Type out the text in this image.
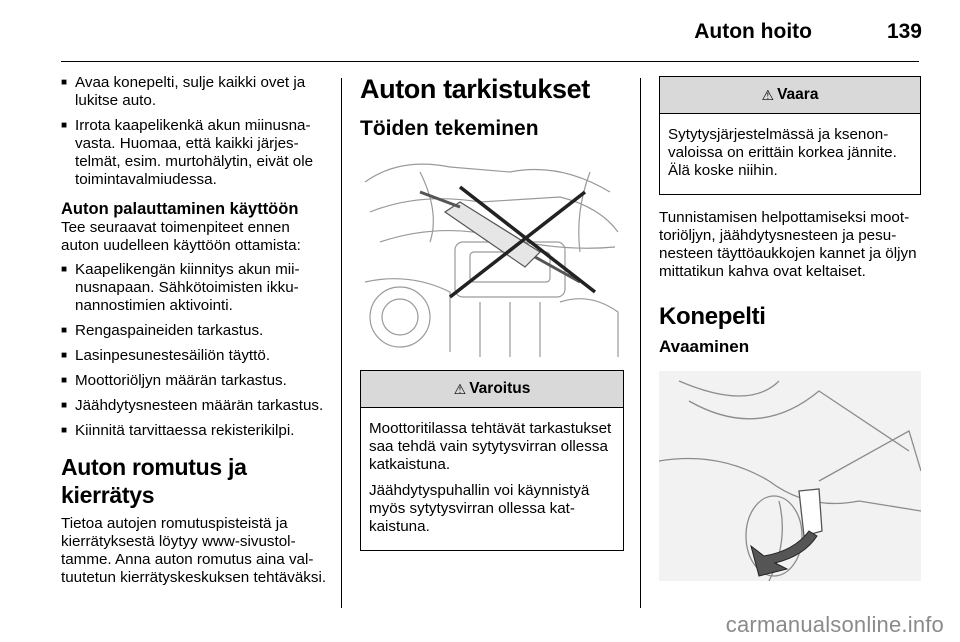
Auton hoito	139
■ Avaa konepelti, sulje kaikki ovet ja lukitse auto.
■ Irrota kaapelikenkä akun miinusnavasta. Huomaa, että kaikki järjestelmät, esim. murtohälytin, eivät ole toimintavalmiudessa.
Auton palauttaminen käyttöön
Tee seuraavat toimenpiteet ennen auton uudelleen käyttöön ottamista:
■ Kaapelikengän kiinnitys akun miinusnapaan. Sähkötoimisten ikkunannostimien aktivointi.
■ Rengaspaineiden tarkastus.
■ Lasinpesunestesäiliön täyttö.
■ Moottoriöljyn määrän tarkastus.
■ Jäähdytysnesteen määrän tarkastus.
■ Kiinnitä tarvittaessa rekisterikilpi.
Auton romutus ja kierrätys
Tietoa autojen romutuspisteistä ja kierrätyksestä löytyy www-sivustoltamme. Anna auton romutus aina valtuutetun kierrätyskeskuksen tehtäväksi.
Auton tarkistukset
Töiden tekeminen
⚠ Varoitus
Moottoritilassa tehtävät tarkastukset saa tehdä vain sytytysvirran ollessa katkaistuna.
Jäähdytyspuhallin voi käynnistyä myös sytytysvirran ollessa katkaistuna.
⚠ Vaara
Sytytysjärjestelmässä ja ksenonvaloissa on erittäin korkea jännite. Älä koske niihin.
Tunnistamisen helpottamiseksi moottoriöljyn, jäähdytysnesteen ja pesunesteen täyttöaukkojen kannet ja öljyn mittatikun kahva ovat keltaiset.
Konepelti
Avaaminen
carmanualsonline.info
